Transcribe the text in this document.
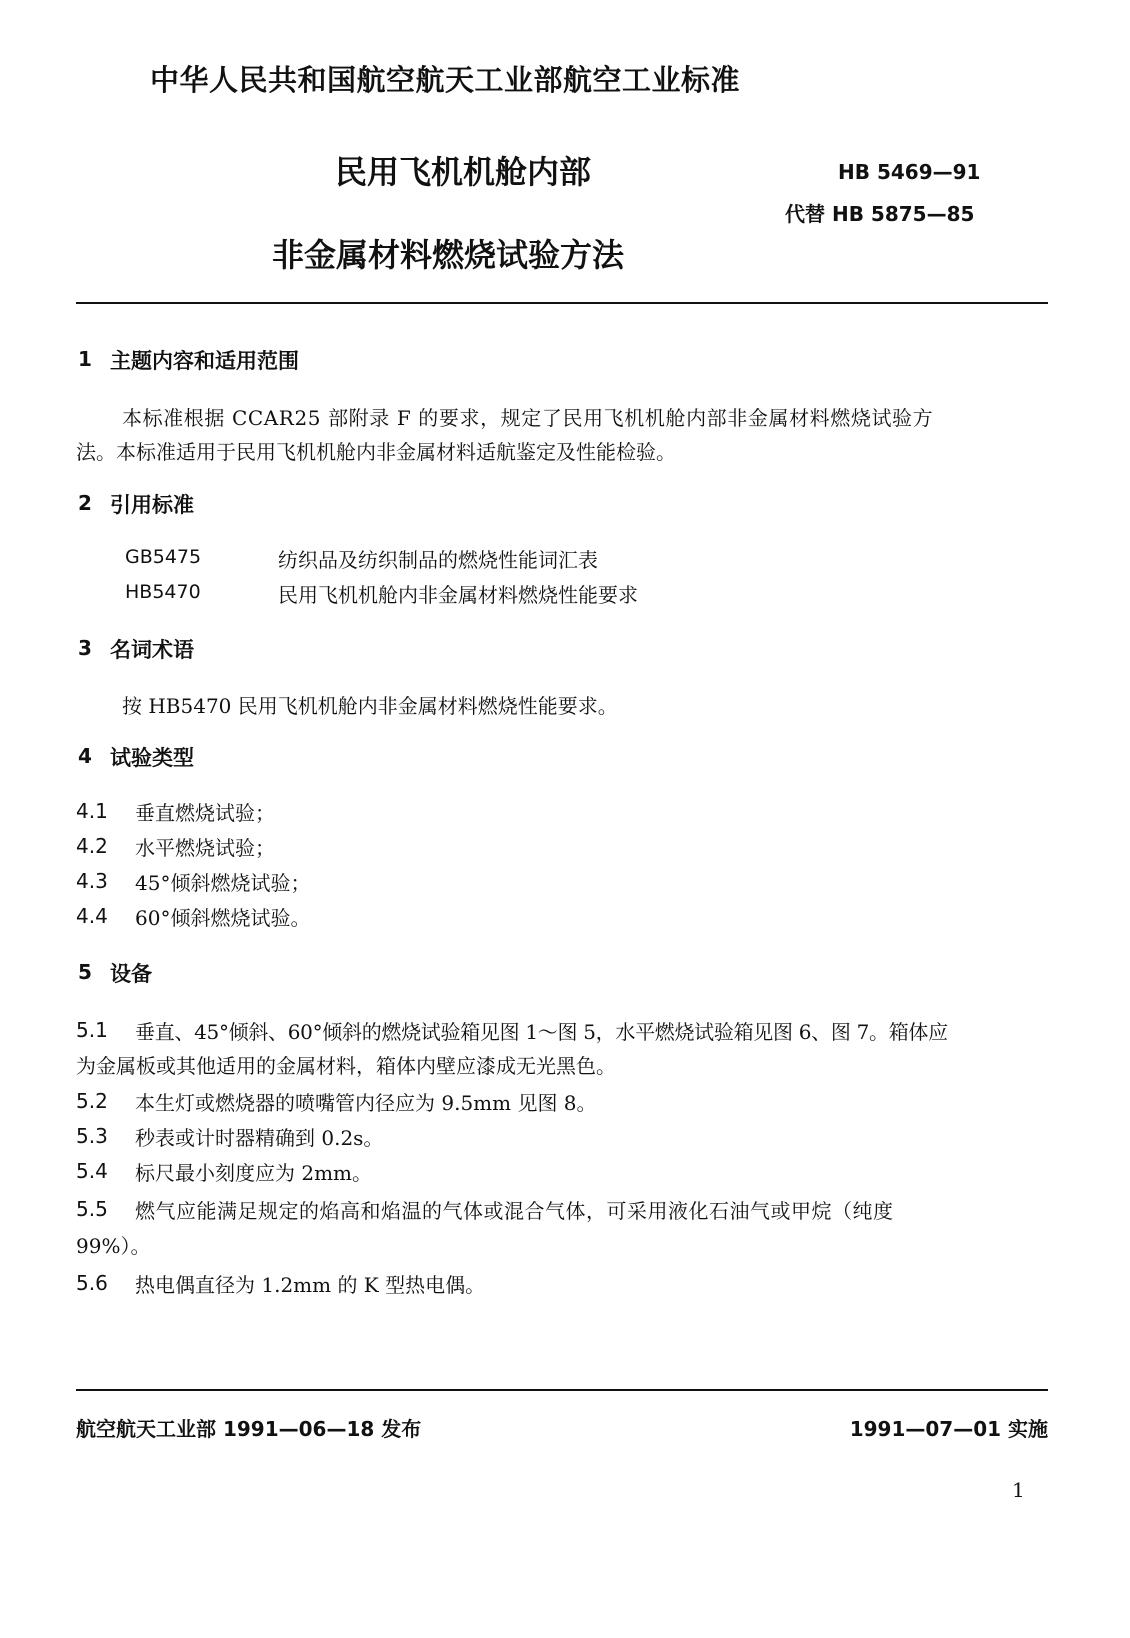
中华人民共和国航空航天工业部航空工业标准
民用飞机机舱内部
非金属材料燃烧试验方法
HB 5469—91
代替 HB 5875—85
1 主题内容和适用范围
本标准根据 CCAR25 部附录 F 的要求，规定了民用飞机机舱内部非金属材料燃烧试验方
法。本标准适用于民用飞机机舱内非金属材料适航鉴定及性能检验。
2 引用标准
GB5475	纺织品及纺织制品的燃烧性能词汇表
HB5470	民用飞机机舱内非金属材料燃烧性能要求
3 名词术语
按 HB5470 民用飞机机舱内非金属材料燃烧性能要求。
4 试验类型
4.1 垂直燃烧试验；
4.2 水平燃烧试验；
4.3 45°倾斜燃烧试验；
4.4 60°倾斜燃烧试验。
5 设备
5.1 垂直、45°倾斜、60°倾斜的燃烧试验箱见图 1～图 5，水平燃烧试验箱见图 6、图 7。箱体应
为金属板或其他适用的金属材料，箱体内壁应漆成无光黑色。
5.2 本生灯或燃烧器的喷嘴管内径应为 9.5mm 见图 8。
5.3 秒表或计时器精确到 0.2s。
5.4 标尺最小刻度应为 2mm。
5.5 燃气应能满足规定的焰高和焰温的气体或混合气体，可采用液化石油气或甲烷（纯度
99%）。
5.6 热电偶直径为 1.2mm 的 K 型热电偶。
航空航天工业部 1991—06—18 发布	1991—07—01 实施
1
